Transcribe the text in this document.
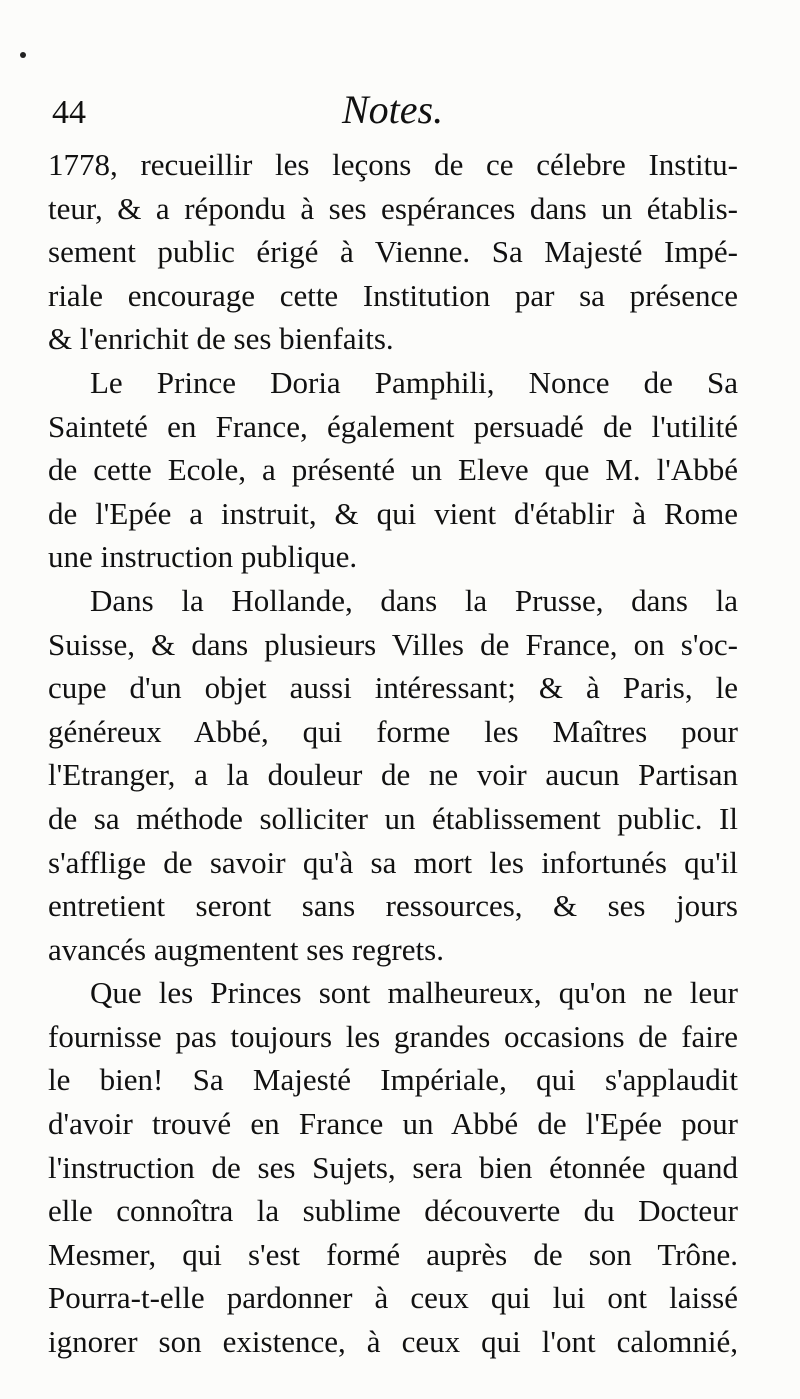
44	Notes.
1778, recueillir les leçons de ce célebre Institu-
teur, & a répondu à ses espérances dans un établis-
sement public érigé à Vienne. Sa Majesté Impé-
riale encourage cette Institution par sa présence
& l'enrichit de ses bienfaits.
Le Prince Doria Pamphili, Nonce de Sa
Sainteté en France, également persuadé de l'utilité
de cette Ecole, a présenté un Eleve que M. l'Abbé
de l'Epée a instruit, & qui vient d'établir à Rome
une instruction publique.
Dans la Hollande, dans la Prusse, dans la
Suisse, & dans plusieurs Villes de France, on s'oc-
cupe d'un objet aussi intéressant; & à Paris, le
généreux Abbé, qui forme les Maîtres pour
l'Etranger, a la douleur de ne voir aucun Partisan
de sa méthode solliciter un établissement public. Il
s'afflige de savoir qu'à sa mort les infortunés qu'il
entretient seront sans ressources, & ses jours
avancés augmentent ses regrets.
Que les Princes sont malheureux, qu'on ne leur
fournisse pas toujours les grandes occasions de faire
le bien! Sa Majesté Impériale, qui s'applaudit
d'avoir trouvé en France un Abbé de l'Epée pour
l'instruction de ses Sujets, sera bien étonnée quand
elle connoîtra la sublime découverte du Docteur
Mesmer, qui s'est formé auprès de son Trône.
Pourra-t-elle pardonner à ceux qui lui ont laissé
ignorer son existence, à ceux qui l'ont calomnié,
